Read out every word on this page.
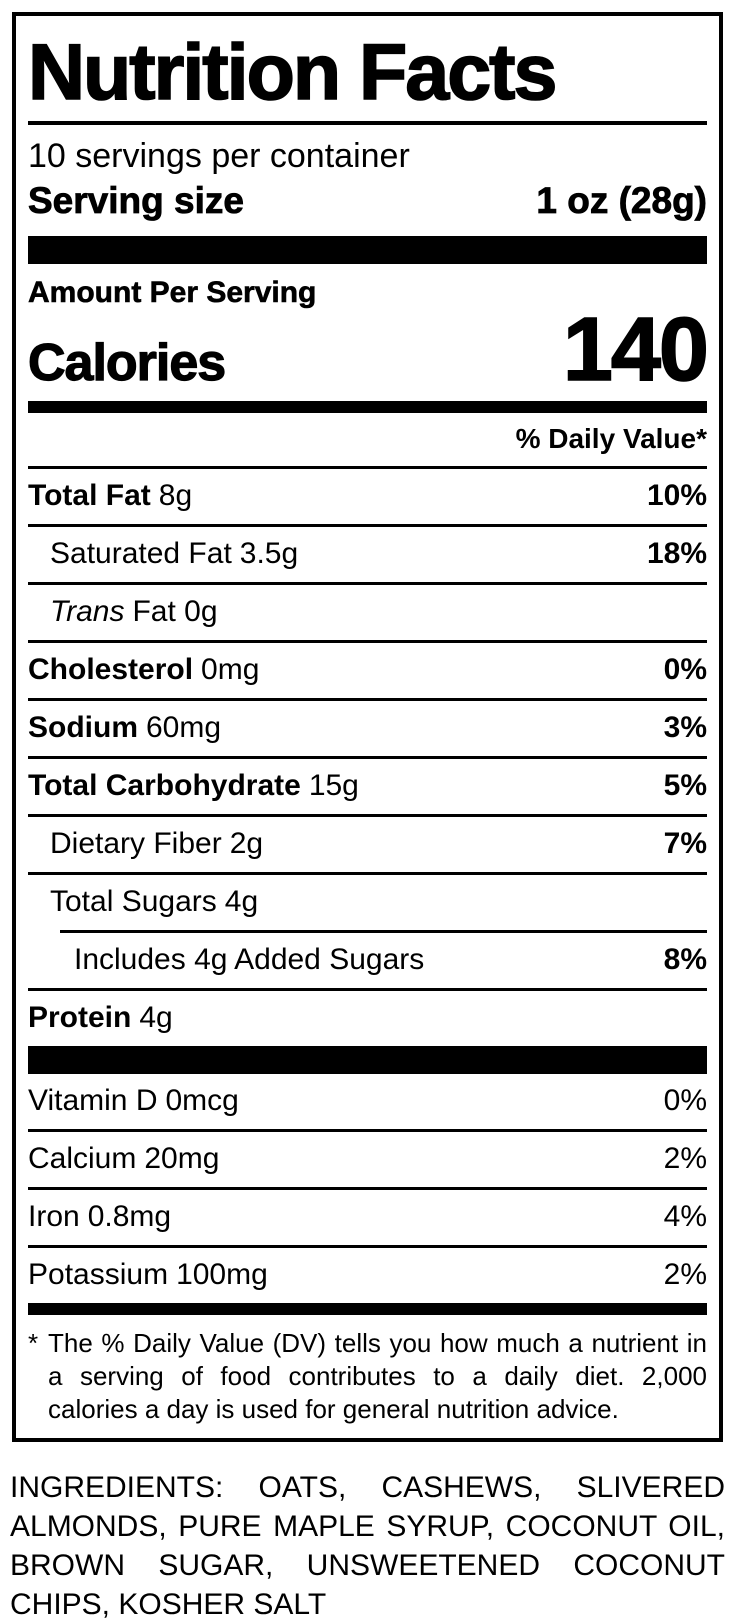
Nutrition Facts
10 servings per container
Serving size	1 oz (28g)
Amount Per Serving
Calories	140
% Daily Value*
Total Fat 8g	10%
Saturated Fat 3.5g	18%
Trans Fat 0g
Cholesterol 0mg	0%
Sodium 60mg	3%
Total Carbohydrate 15g	5%
Dietary Fiber 2g	7%
Total Sugars 4g
Includes 4g Added Sugars	8%
Protein 4g
Vitamin D 0mcg	0%
Calcium 20mg	2%
Iron 0.8mg	4%
Potassium 100mg	2%
* The % Daily Value (DV) tells you how much a nutrient in a serving of food contributes to a daily diet. 2,000 calories a day is used for general nutrition advice.
INGREDIENTS: OATS, CASHEWS, SLIVERED ALMONDS, PURE MAPLE SYRUP, COCONUT OIL, BROWN SUGAR, UNSWEETENED COCONUT CHIPS, KOSHER SALT
